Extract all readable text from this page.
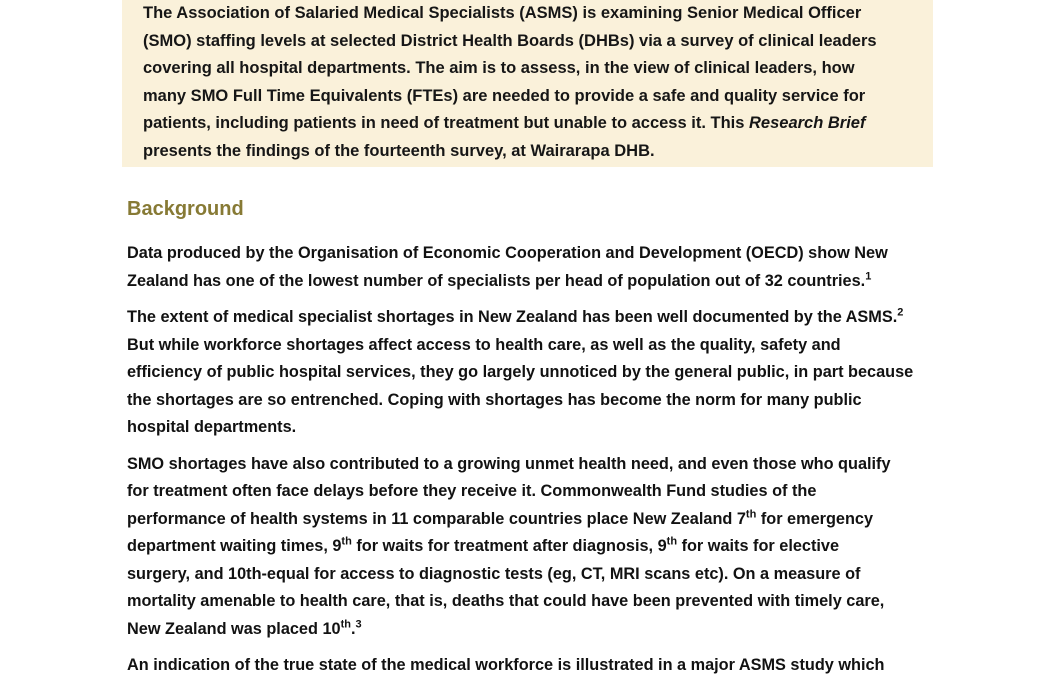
The Association of Salaried Medical Specialists (ASMS) is examining Senior Medical Officer
(SMO) staffing levels at selected District Health Boards (DHBs) via a survey of clinical leaders
covering all hospital departments. The aim is to assess, in the view of clinical leaders, how
many SMO Full Time Equivalents (FTEs) are needed to provide a safe and quality service for
patients, including patients in need of treatment but unable to access it. This Research Brief
presents the findings of the fourteenth survey, at Wairarapa DHB.
Background

Data produced by the Organisation of Economic Cooperation and Development (OECD) show New
Zealand has one of the lowest number of specialists per head of population out of 32 countries.$^1$

The extent of medical specialist shortages in New Zealand has been well documented by the ASMS.$^2$
But while workforce shortages affect access to health care, as well as the quality, safety and
efficiency of public hospital services, they go largely unnoticed by the general public, in part because
the shortages are so entrenched. Coping with shortages has become the norm for many public
hospital departments.

SMO shortages have also contributed to a growing unmet health need, and even those who qualify
for treatment often face delays before they receive it. Commonwealth Fund studies of the
performance of health systems in 11 comparable countries place New Zealand 7th for emergency
department waiting times, 9th for waits for treatment after diagnosis, 9th for waits for elective
surgery, and 10th-equal for access to diagnostic tests (eg, CT, MRI scans etc). On a measure of
mortality amenable to health care, that is, deaths that could have been prevented with timely care,
New Zealand was placed 10th.$^3$

An indication of the true state of the medical workforce is illustrated in a major ASMS study which
